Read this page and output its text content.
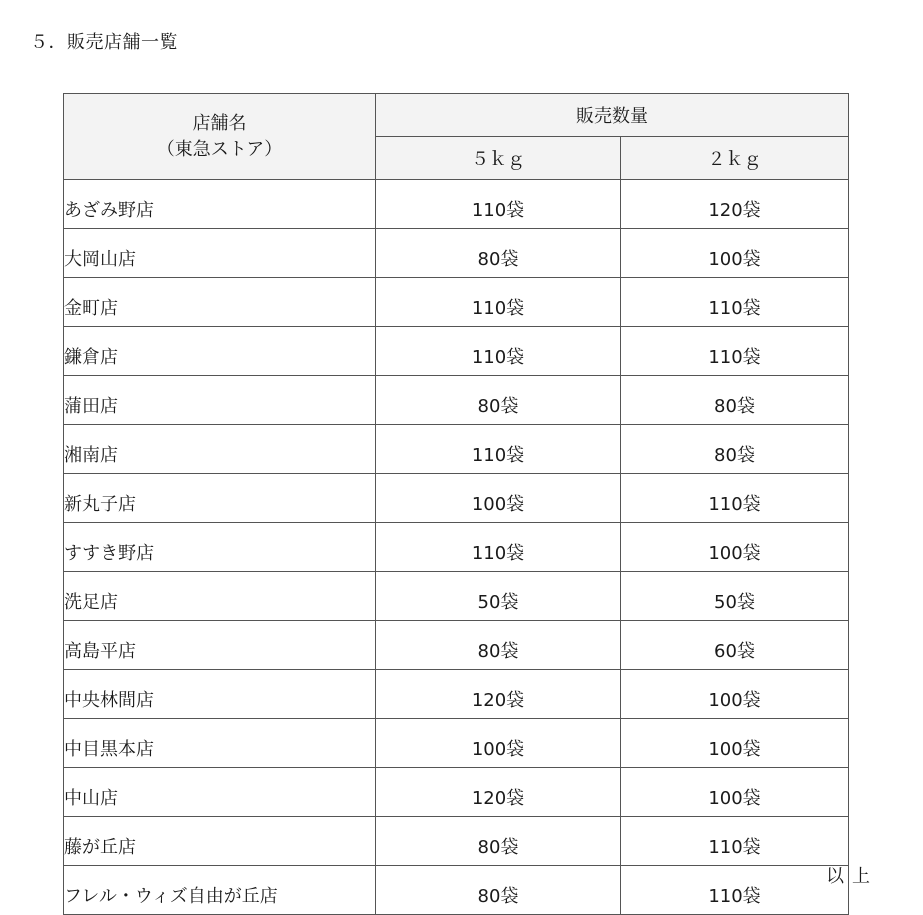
５．販売店舗一覧
店舗名
（東急ストア）	販売数量	
	５ｋｇ	２ｋｇ
あざみ野店	110袋	120袋
大岡山店	80袋	100袋
金町店	110袋	110袋
鎌倉店	110袋	110袋
蒲田店	80袋	80袋
湘南店	110袋	80袋
新丸子店	100袋	110袋
すすき野店	110袋	100袋
洗足店	50袋	50袋
高島平店	80袋	60袋
中央林間店	120袋	100袋
中目黒本店	100袋	100袋
中山店	120袋	100袋
藤が丘店	80袋	110袋
フレル・ウィズ自由が丘店	80袋	110袋
以上
